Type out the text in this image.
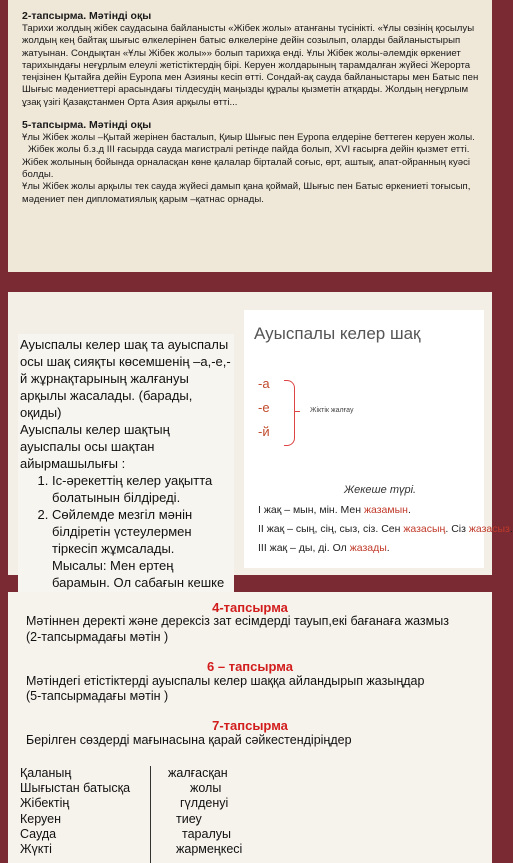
2-тапсырма. Мәтінді оқы

Тарихи жолдың жібек саудасына байланысты «Жібек жолы» атанғаны түсінікті. «Ұлы сөзінің қосылуы жолдың кең байтақ шығыс өлкелерінен батыс өлкелеріне дейін созылып, оларды байланыстырып жатуынан. Сондықтан «Ұлы Жібек жолы»» болып тарихқа енді. Ұлы Жібек жолы-әлемдік өркениет тарихындағы неғұрлым елеулі жетістіктердің бірі. Керуен жолдарының тарамдалған жүйесі Жерорта теңізінен Қытайға дейін Еуропа мен Азияны кесіп өтті. Сондай-ақ сауда байланыстары мен Батыс пен Шығыс мәдениеттері арасындағы тілдесудің маңызды құралы қызметін атқарды. Жолдың неғұрлым ұзақ үзігі Қазақстанмен Орта Азия арқылы өтті...

5-тапсырма. Мәтінді оқы

Ұлы Жібек жолы –Қытай жерінен басталып, Қиыр Шығыс пен Еуропа елдеріне беттеген керуен жолы.

Жібек жолы б.з.д III ғасырда сауда магистралі ретінде пайда болып, XVI ғасырға дейін қызмет етті. Жібек жолының бойында орналасқан көне қалалар бірталай соғыс, өрт, аштық, апат-ойранның куәсі болды.

Ұлы Жібек жолы арқылы тек сауда жүйесі дамып қана қоймай, Шығыс пен Батыс өркениеті тоғысып, мәдениет пен дипломатиялық қарым –қатнас орнады.

Ауыспалы келер шақ та ауыспалы осы шақ сияқты көсемшенің –а,-е,-й жұрнақтарының жалғануы арқылы жасалады. (барады, оқиды)

Ауыспалы келер шақтың ауыспалы осы шақтан айырмашылығы :

1. Іс-әрекеттің келер уақытта болатынын білдіреді.
2. Сөйлемде мезгіл мәнін білдіретін үстеулермен тіркесіп жұмсалады. Мысалы: Мен ертең барамын. Ол сабағын кешке
Ауыспалы келер шақ
-а
-е
-й
Жіктік жалғау
Жекеше түрі.
І жақ – мын, мін. Мен жазамын.
ІІ жақ – сың, сің, сыз, сіз. Сен жазасың. Сіз жазасыз.
ІІІ жақ – ды, ді. Ол жазады.
4-тапсырма
Мәтіннен деректі және дерексіз зат есімдерді тауып,екі бағанаға жазмыз
(2-тапсырмадағы мәтін )
6 – тапсырма
Мәтіндегі етістіктерді ауыспалы келер шаққа айландырып жазыңдар
(5-тапсырмадағы мәтін )
7-тапсырма
Берілген сөздерді мағынасына қарай сәйкестендіріңдер
Қаланың
Шығыстан батысқа
Жібектің
Керуен
Сауда
Жүкті
жалғасқан
жолы
гүлденуі
тиеу
таралуы
жармеңкесі
